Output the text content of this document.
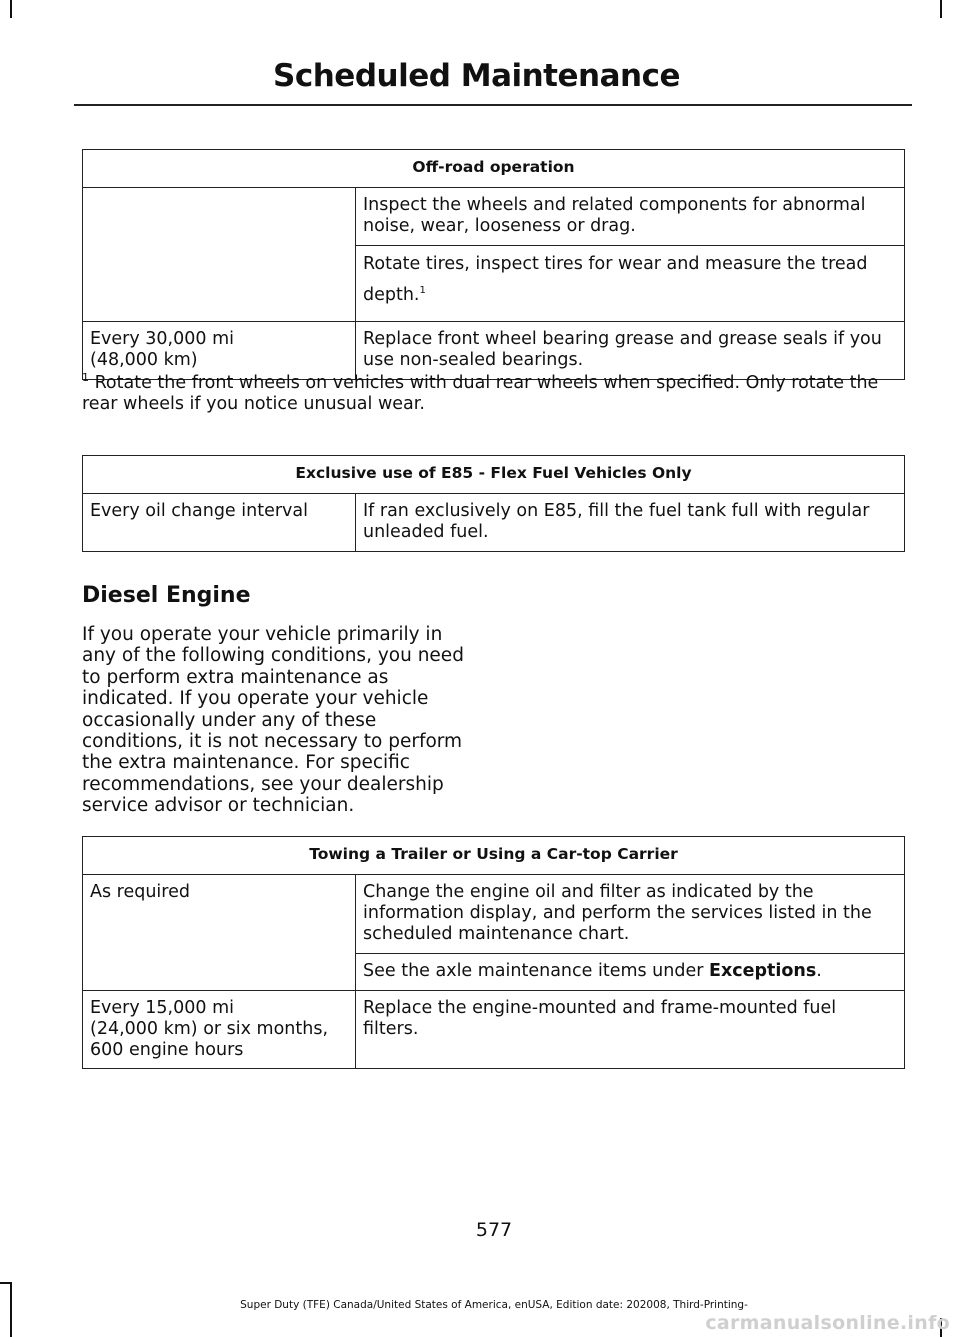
Scheduled Maintenance
Off-road operation	
	Inspect the wheels and related components for abnormal noise, wear, looseness or drag.
	Rotate tires, inspect tires for wear and measure the tread depth.$^1$

Every 30,000 mi
(48,000 km)	Replace front wheel bearing grease and grease seals if you use non-sealed bearings.

$^1$ Rotate the front wheels on vehicles with dual rear wheels when specified. Only rotate the rear wheels if you notice unusual wear.

Exclusive use of E85 - Flex Fuel Vehicles Only
Every oil change interval	If ran exclusively on E85, fill the fuel tank full with regular unleaded fuel.
Diesel Engine

If you operate your vehicle primarily in any of the following conditions, you need to perform extra maintenance as indicated. If you operate your vehicle occasionally under any of these conditions, it is not necessary to perform the extra maintenance. For specific recommendations, see your dealership service advisor or technician.

Towing a Trailer or Using a Car-top Carrier	
As required	Change the engine oil and filter as indicated by the information display, and perform the services listed in the scheduled maintenance chart.
	See the axle maintenance items under Exceptions.

Every 15,000 mi
(24,000 km) or six months,
600 engine hours	Replace the engine-mounted and frame-mounted fuel filters.

577

Super Duty (TFE) Canada/United States of America, enUSA, Edition date: 202008, Third-Printing-

carmanualsonline.info
